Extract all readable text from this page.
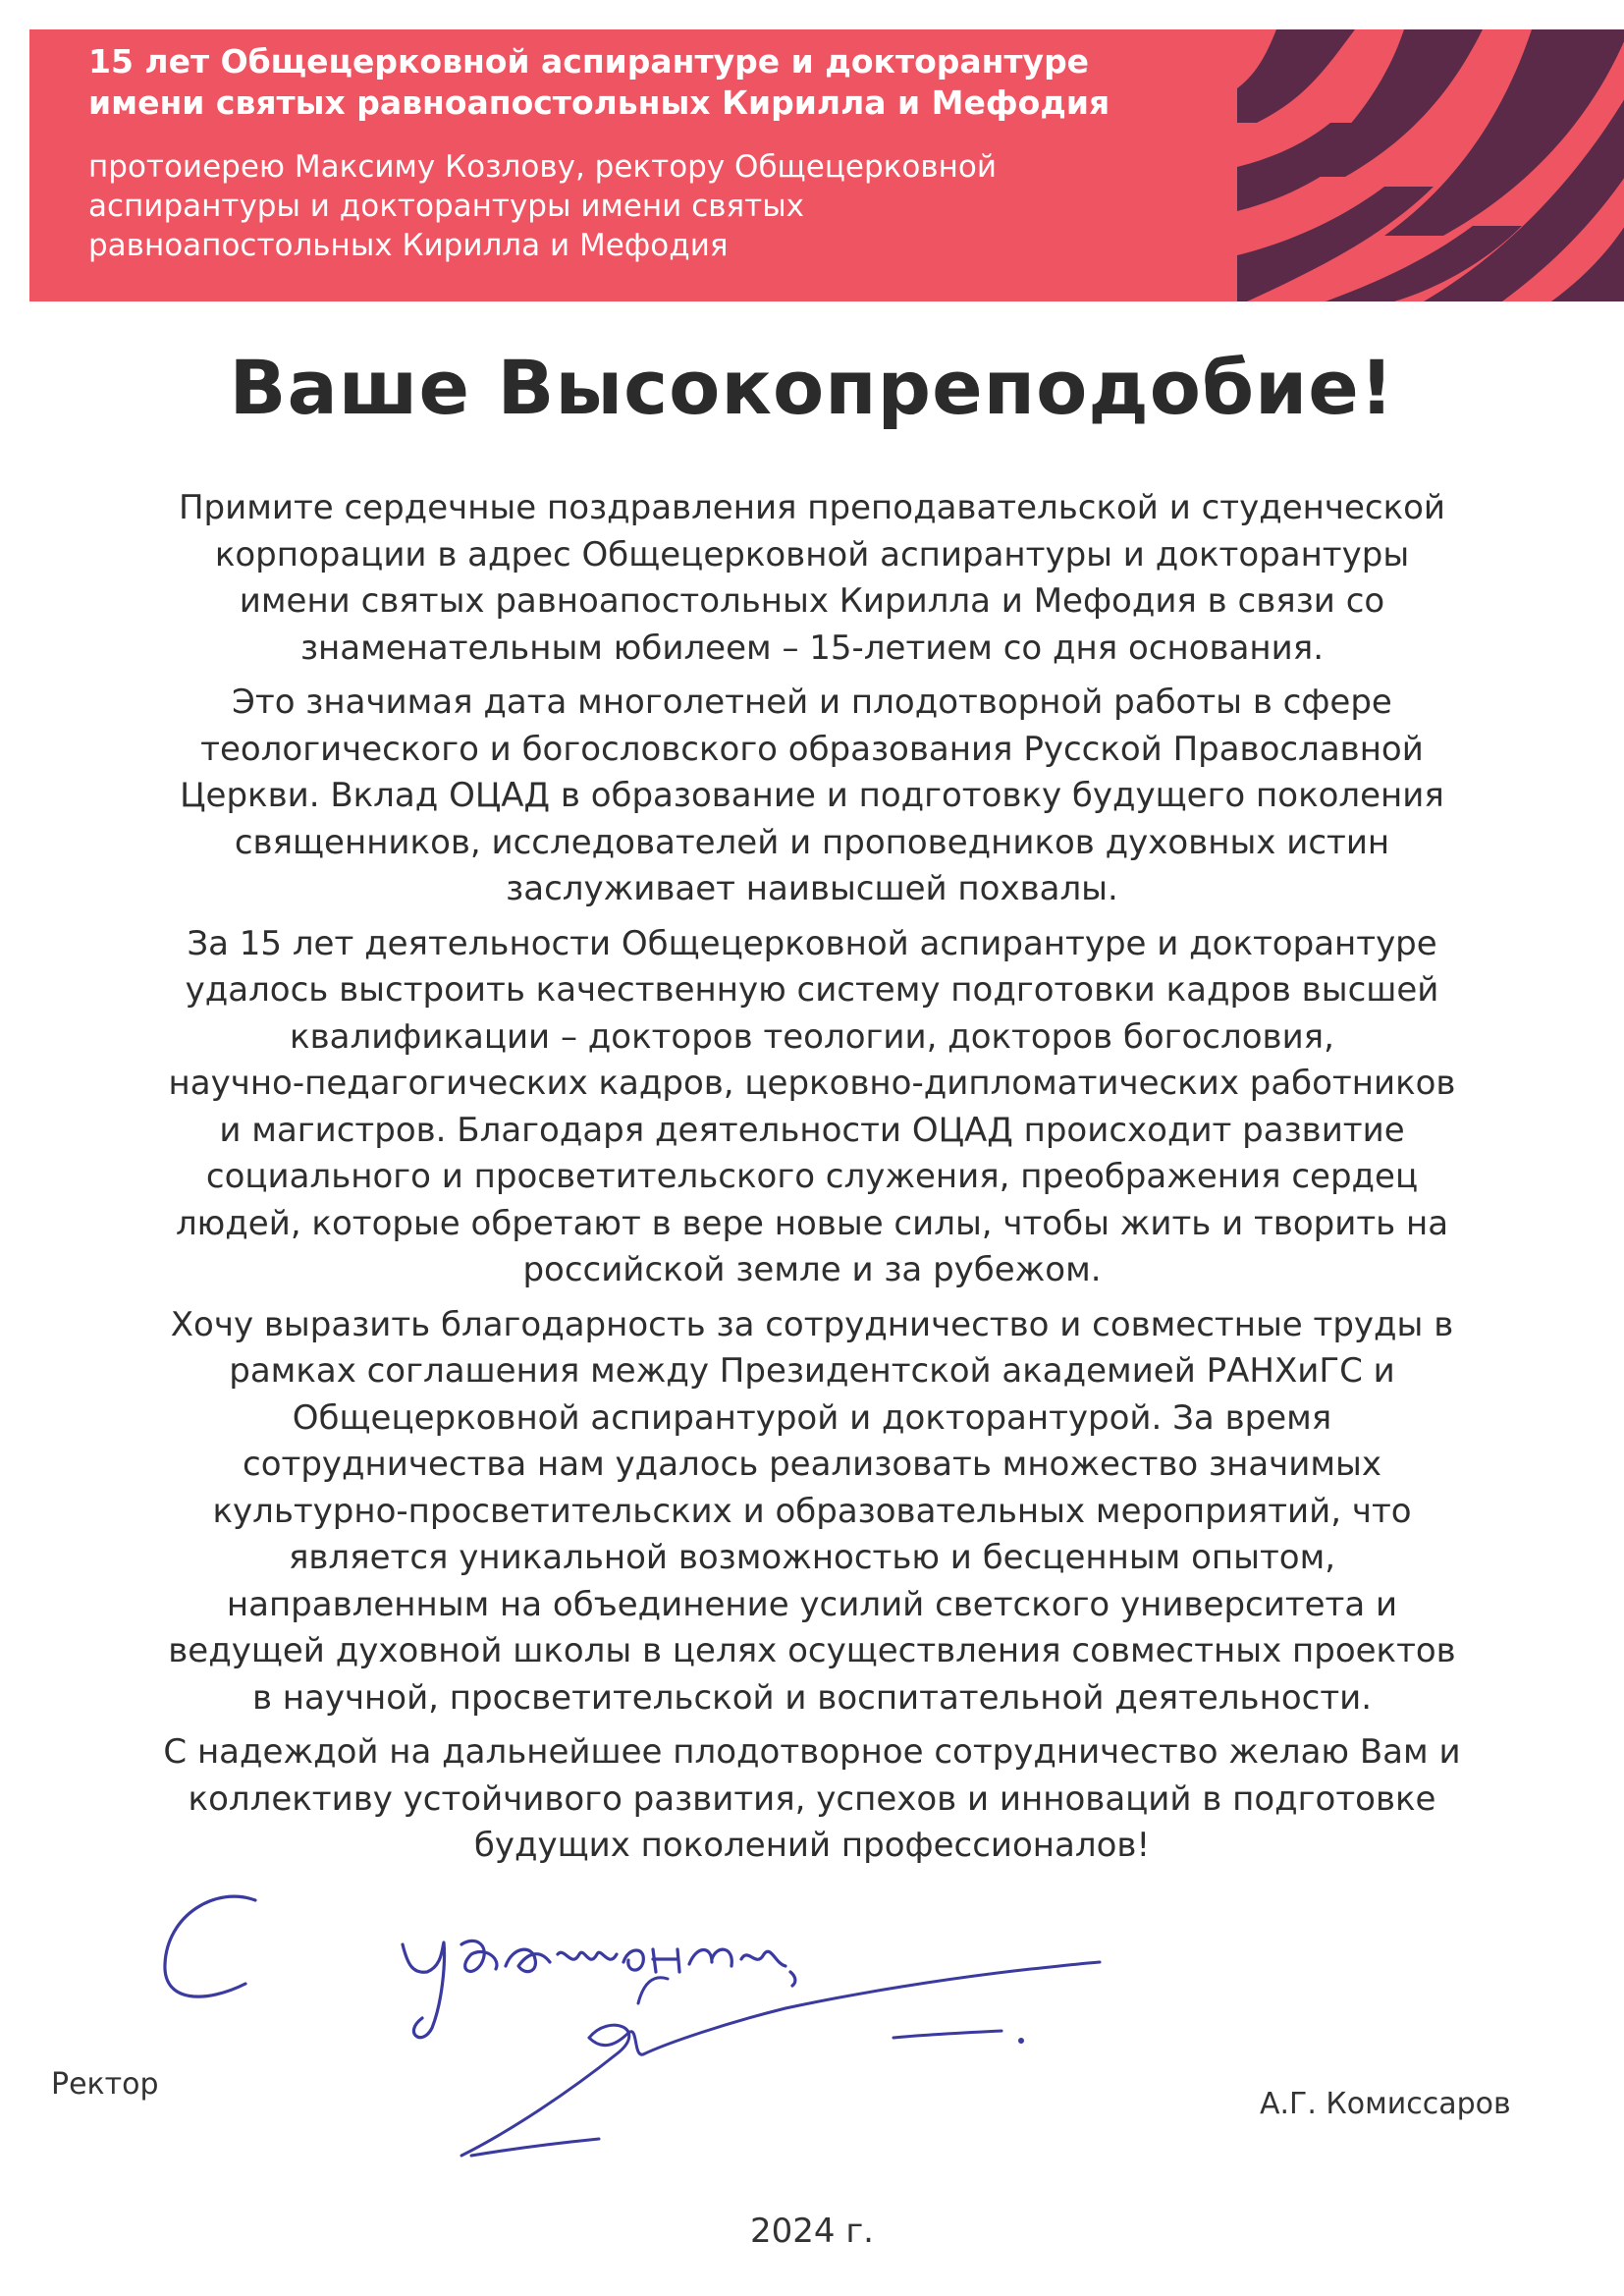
15 лет Общецерковной аспирантуре и докторантуре
имени святых равноапостольных Кирилла и Мефодия

протоиерею Максиму Козлову, ректору Общецерковной
аспирантуры и докторантуры имени святых
равноапостольных Кирилла и Мефодия

Ваше Высокопреподобие!

Примите сердечные поздравления преподавательской и студенческой
корпорации в адрес Общецерковной аспирантуры и докторантуры
имени святых равноапостольных Кирилла и Мефодия в связи со
знаменательным юбилеем – 15-летием со дня основания.

Это значимая дата многолетней и плодотворной работы в сфере
теологического и богословского образования Русской Православной
Церкви. Вклад ОЦАД в образование и подготовку будущего поколения
священников, исследователей и проповедников духовных истин
заслуживает наивысшей похвалы.

За 15 лет деятельности Общецерковной аспирантуре и докторантуре
удалось выстроить качественную систему подготовки кадров высшей
квалификации – докторов теологии, докторов богословия,
научно-педагогических кадров, церковно-дипломатических работников
и магистров. Благодаря деятельности ОЦАД происходит развитие
социального и просветительского служения, преображения сердец
людей, которые обретают в вере новые силы, чтобы жить и творить на
российской земле и за рубежом.

Хочу выразить благодарность за сотрудничество и совместные труды в
рамках соглашения между Президентской академией РАНХиГС и
Общецерковной аспирантурой и докторантурой. За время
сотрудничества нам удалось реализовать множество значимых
культурно-просветительских и образовательных мероприятий, что
является уникальной возможностью и бесценным опытом,
направленным на объединение усилий светского университета и
ведущей духовной школы в целях осуществления совместных проектов
в научной, просветительской и воспитательной деятельности.

С надеждой на дальнейшее плодотворное сотрудничество желаю Вам и
коллективу устойчивого развития, успехов и инноваций в подготовке
будущих поколений профессионалов!

Ректор
А.Г. Комиссаров
2024 г.
